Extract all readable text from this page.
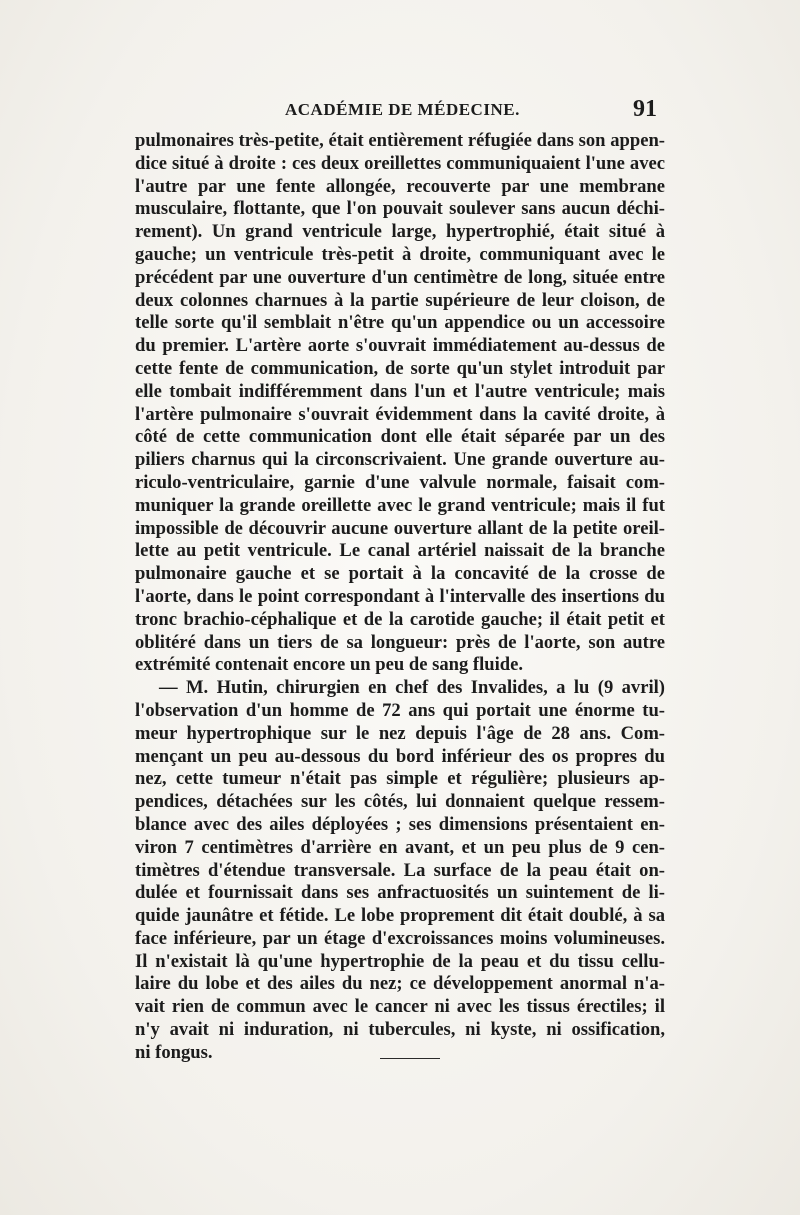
ACADÉMIE DE MÉDECINE.	91
pulmonaires très-petite, était entièrement réfugiée dans son appen-
dice situé à droite : ces deux oreillettes communiquaient l'une avec
l'autre par une fente allongée, recouverte par une membrane
musculaire, flottante, que l'on pouvait soulever sans aucun déchi-
rement). Un grand ventricule large, hypertrophié, était situé à
gauche; un ventricule très-petit à droite, communiquant avec le
précédent par une ouverture d'un centimètre de long, située entre
deux colonnes charnues à la partie supérieure de leur cloison, de
telle sorte qu'il semblait n'être qu'un appendice ou un accessoire
du premier. L'artère aorte s'ouvrait immédiatement au-dessus de
cette fente de communication, de sorte qu'un stylet introduit par
elle tombait indifféremment dans l'un et l'autre ventricule; mais
l'artère pulmonaire s'ouvrait évidemment dans la cavité droite, à
côté de cette communication dont elle était séparée par un des
piliers charnus qui la circonscrivaient. Une grande ouverture au-
riculo-ventriculaire, garnie d'une valvule normale, faisait com-
muniquer la grande oreillette avec le grand ventricule; mais il fut
impossible de découvrir aucune ouverture allant de la petite oreil-
lette au petit ventricule. Le canal artériel naissait de la branche
pulmonaire gauche et se portait à la concavité de la crosse de
l'aorte, dans le point correspondant à l'intervalle des insertions du
tronc brachio-céphalique et de la carotide gauche; il était petit et
oblitéré dans un tiers de sa longueur: près de l'aorte, son autre
extrémité contenait encore un peu de sang fluide.
— M. Hutin, chirurgien en chef des Invalides, a lu (9 avril)
l'observation d'un homme de 72 ans qui portait une énorme tu-
meur hypertrophique sur le nez depuis l'âge de 28 ans. Com-
mençant un peu au-dessous du bord inférieur des os propres du
nez, cette tumeur n'était pas simple et régulière; plusieurs ap-
pendices, détachées sur les côtés, lui donnaient quelque ressem-
blance avec des ailes déployées ; ses dimensions présentaient en-
viron 7 centimètres d'arrière en avant, et un peu plus de 9 cen-
timètres d'étendue transversale. La surface de la peau était on-
dulée et fournissait dans ses anfractuosités un suintement de li-
quide jaunâtre et fétide. Le lobe proprement dit était doublé, à sa
face inférieure, par un étage d'excroissances moins volumineuses.
Il n'existait là qu'une hypertrophie de la peau et du tissu cellu-
laire du lobe et des ailes du nez; ce développement anormal n'a-
vait rien de commun avec le cancer ni avec les tissus érectiles; il
n'y avait ni induration, ni tubercules, ni kyste, ni ossification,
ni fongus.
